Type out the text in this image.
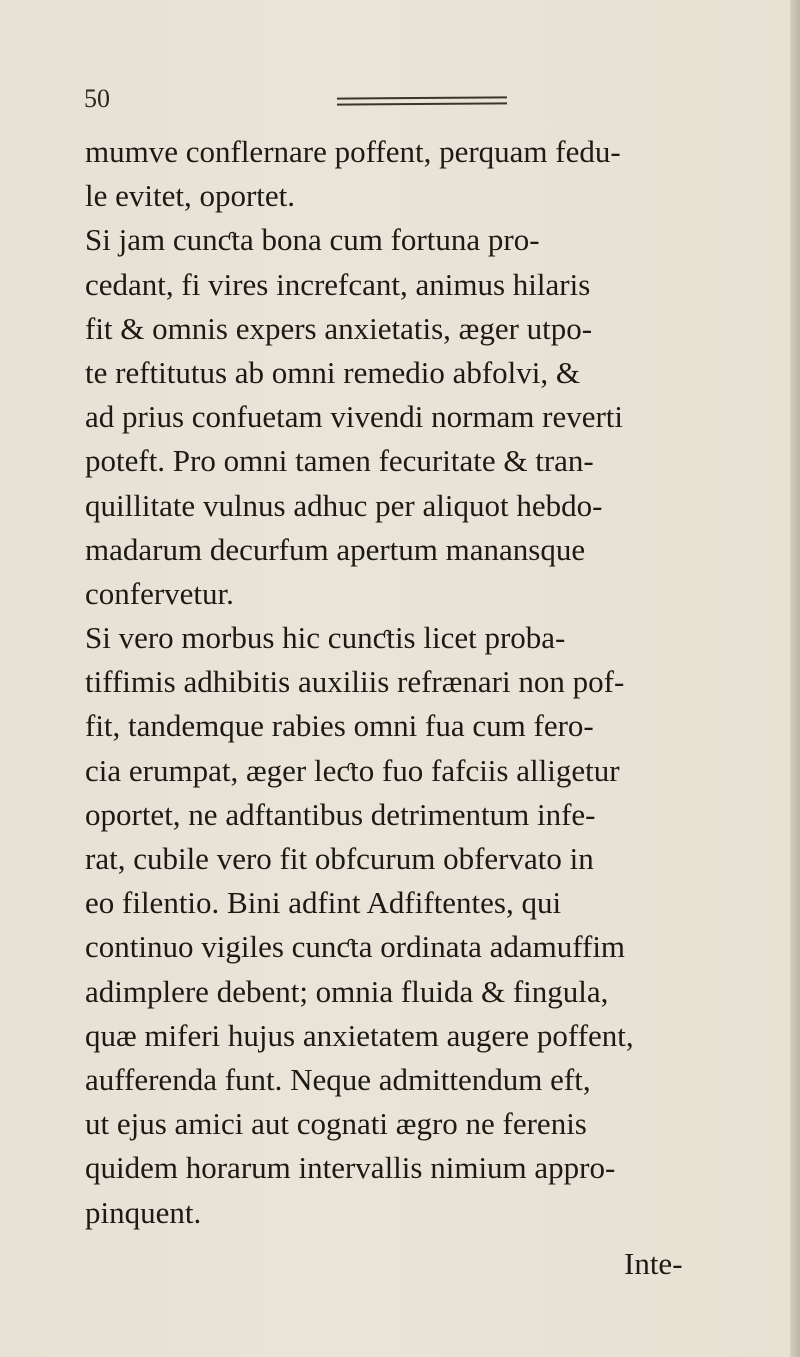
50
mumve conflernare poffent, perquam fedu-
le evitet, oportet.
Si jam cunƈta bona cum fortuna pro-
cedant, fi vires increfcant, animus hilaris
fit & omnis expers anxietatis, æger utpo-
te reftitutus ab omni remedio abfolvi, &
ad prius confuetam vivendi normam reverti
poteft. Pro omni tamen fecuritate & tran-
quillitate vulnus adhuc per aliquot hebdo-
madarum decurfum apertum manansque
confervetur.
Si vero morbus hic cunƈtis licet proba-
tiffimis adhibitis auxiliis refrænari non pof-
fit, tandemque rabies omni fua cum fero-
cia erumpat, æger leƈto fuo fafciis alligetur
oportet, ne adftantibus detrimentum infe-
rat, cubile vero fit obfcurum obfervato in
eo filentio. Bini adfint Adfiftentes, qui
continuo vigiles cunƈta ordinata adamuffim
adimplere debent; omnia fluida & fingula,
quæ miferi hujus anxietatem augere poffent,
aufferenda funt. Neque admittendum eft,
ut ejus amici aut cognati ægro ne ferenis
quidem horarum intervallis nimium appro-
pinquent.
Inte-
